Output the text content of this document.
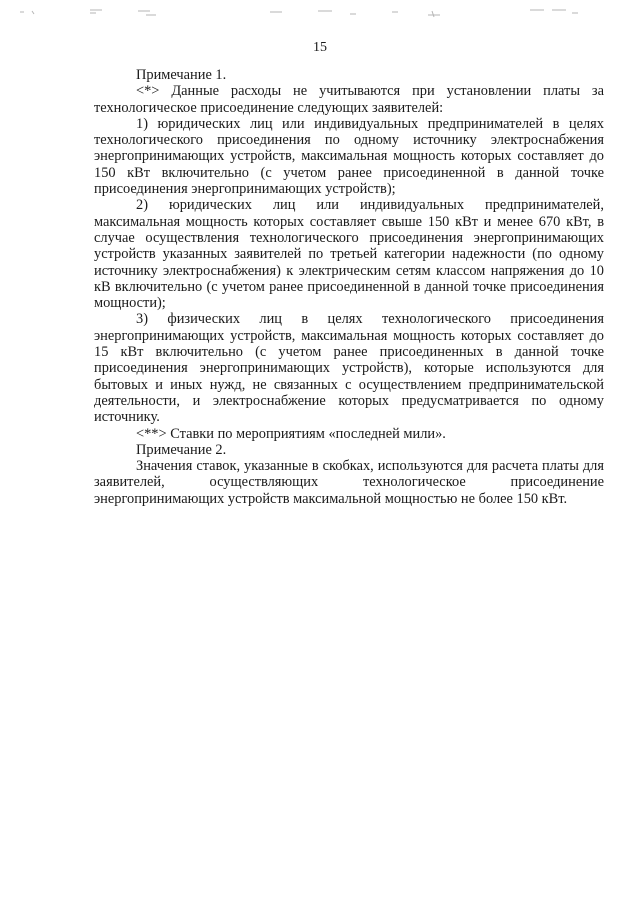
15

Примечание 1.

<*> Данные расходы не учитываются при установлении платы за технологическое присоединение следующих заявителей:

1) юридических лиц или индивидуальных предпринимателей в целях технологического присоединения по одному источнику электроснабжения энергопринимающих устройств, максимальная мощность которых составляет до 150 кВт включительно (с учетом ранее присоединенной в данной точке присоединения энергопринимающих устройств);

2) юридических лиц или индивидуальных предпринимателей, максимальная мощность которых составляет свыше 150 кВт и менее 670 кВт, в случае осуществления технологического присоединения энергопринимающих устройств указанных заявителей по третьей категории надежности (по одному источнику электроснабжения) к электрическим сетям классом напряжения до 10 кВ включительно (с учетом ранее присоединенной в данной точке присоединения мощности);

3) физических лиц в целях технологического присоединения энергопринимающих устройств, максимальная мощность которых составляет до 15 кВт включительно (с учетом ранее присоединенных в данной точке присоединения энергопринимающих устройств), которые используются для бытовых и иных нужд, не связанных с осуществлением предпринимательской деятельности, и электроснабжение которых предусматривается по одному источнику.

<**> Ставки по мероприятиям «последней мили».

Примечание 2.

Значения ставок, указанные в скобках, используются для расчета платы для заявителей, осуществляющих технологическое присоединение энергопринимающих устройств максимальной мощностью не более 150 кВт.
